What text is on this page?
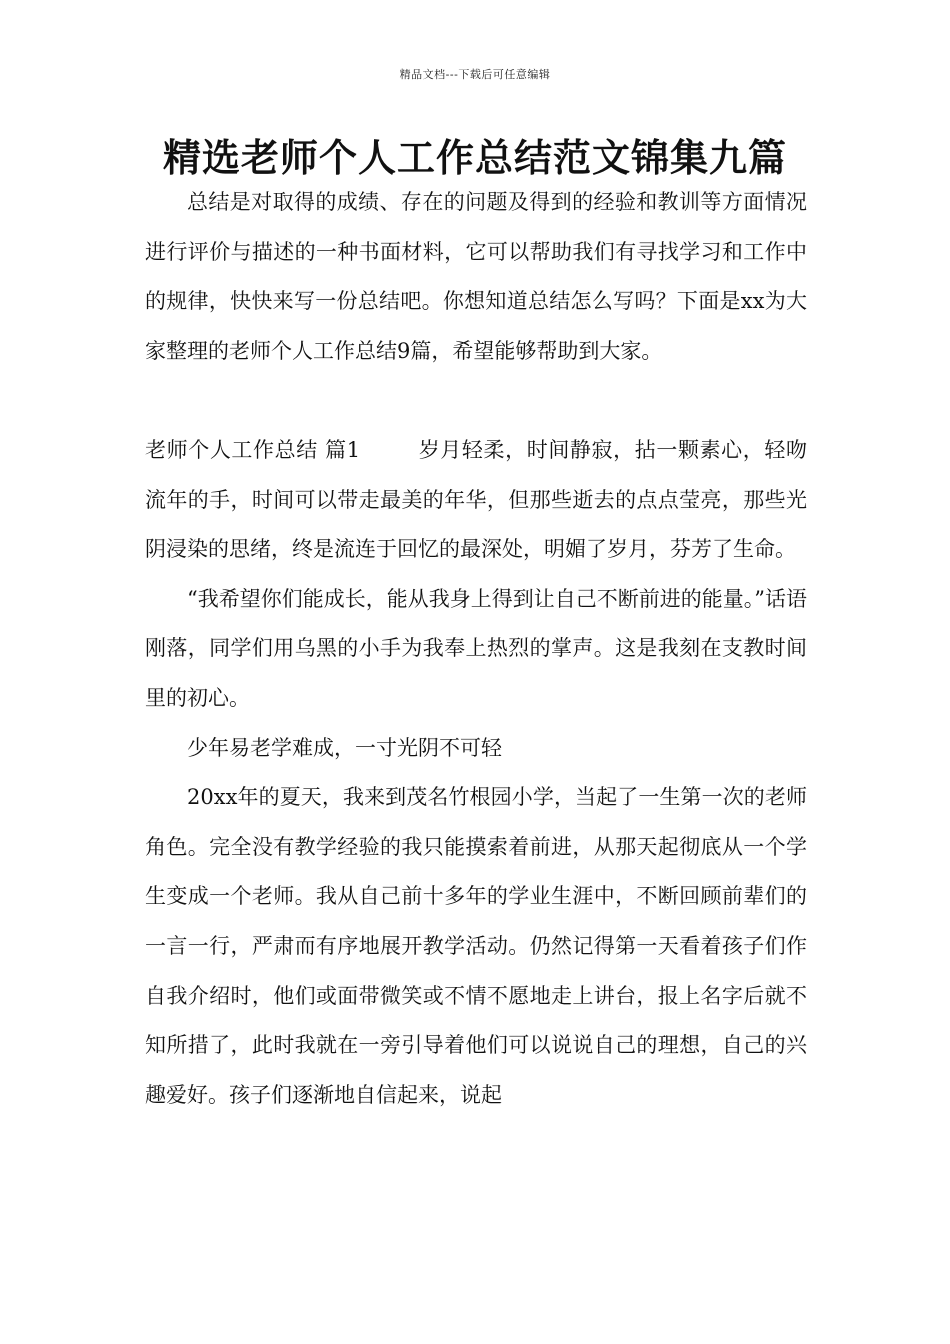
精品文档---下载后可任意编辑
精选老师个人工作总结范文锦集九篇

总结是对取得的成绩、存在的问题及得到的经验和教训等方面情况进行评价与描述的一种书面材料，它可以帮助我们有寻找学习和工作中的规律，快快来写一份总结吧。你想知道总结怎么写吗？下面是xx为大家整理的老师个人工作总结9篇，希望能够帮助到大家。

老师个人工作总结 篇1	岁月轻柔，时间静寂，拈一颗素心，轻吻流年的手，时间可以带走最美的年华，但那些逝去的点点莹亮，那些光阴浸染的思绪，终是流连于回忆的最深处，明媚了岁月，芬芳了生命。

“我希望你们能成长，能从我身上得到让自己不断前进的能量。”话语刚落，同学们用乌黑的小手为我奉上热烈的掌声。这是我刻在支教时间里的初心。

少年易老学难成，一寸光阴不可轻

20xx年的夏天，我来到茂名竹根园小学，当起了一生第一次的老师角色。完全没有教学经验的我只能摸索着前进，从那天起彻底从一个学生变成一个老师。我从自己前十多年的学业生涯中，不断回顾前辈们的一言一行，严肃而有序地展开教学活动。仍然记得第一天看着孩子们作自我介绍时，他们或面带微笑或不情不愿地走上讲台，报上名字后就不知所措了，此时我就在一旁引导着他们可以说说自己的理想，自己的兴趣爱好。孩子们逐渐地自信起来，说起
